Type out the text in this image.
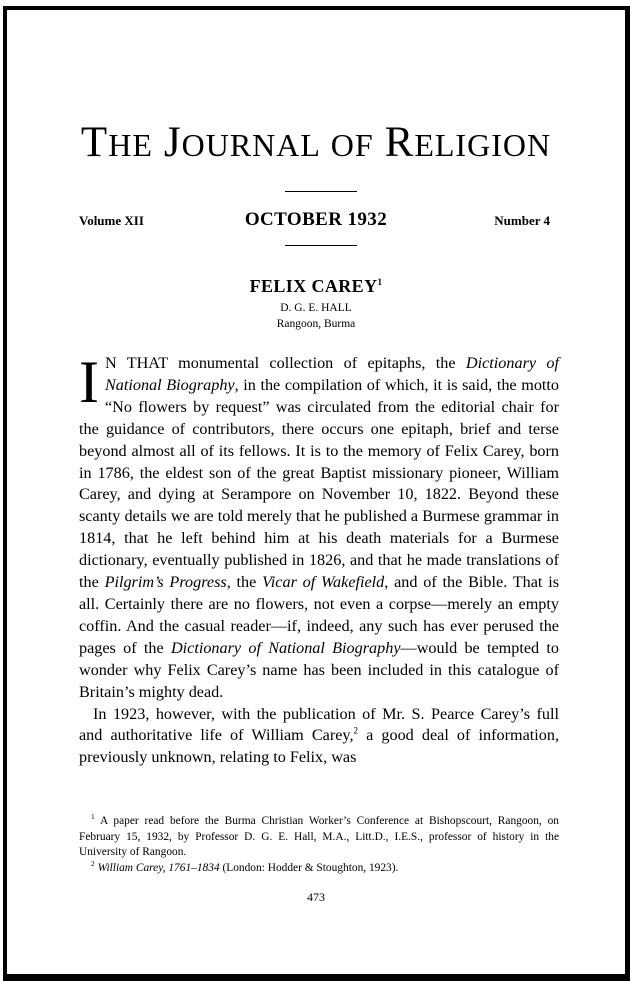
THE JOURNAL OF RELIGION
Volume XII	OCTOBER 1932	Number 4
FELIX CAREY$^1$
D. G. E. HALL
Rangoon, Burma

I N THAT monumental collection of epitaphs, the Dictionary of National Biography, in the compilation of which, it is said, the motto “No flowers by request” was circulated from the editorial chair for the guidance of contributors, there occurs one epitaph, brief and terse beyond almost all of its fellows. It is to the memory of Felix Carey, born in 1786, the eldest son of the great Baptist missionary pioneer, William Carey, and dying at Serampore on November 10, 1822. Beyond these scanty details we are told merely that he published a Burmese grammar in 1814, that he left behind him at his death materials for a Burmese dictionary, eventually published in 1826, and that he made translations of the Pilgrim’s Progress, the Vicar of Wakefield, and of the Bible. That is all. Certainly there are no flowers, not even a corpse—merely an empty coffin. And the casual reader—if, indeed, any such has ever perused the pages of the Dictionary of National Biography—would be tempted to wonder why Felix Carey’s name has been included in this catalogue of Britain’s mighty dead.

In 1923, however, with the publication of Mr. S. Pearce Carey’s full and authoritative life of William Carey,$^2$ a good deal of information, previously unknown, relating to Felix, was

$^1$ A paper read before the Burma Christian Worker’s Conference at Bishopscourt, Rangoon, on February 15, 1932, by Professor D. G. E. Hall, M.A., Litt.D., I.E.S., professor of history in the University of Rangoon.

$^2$ William Carey, 1761–1834 (London: Hodder & Stoughton, 1923).

473
